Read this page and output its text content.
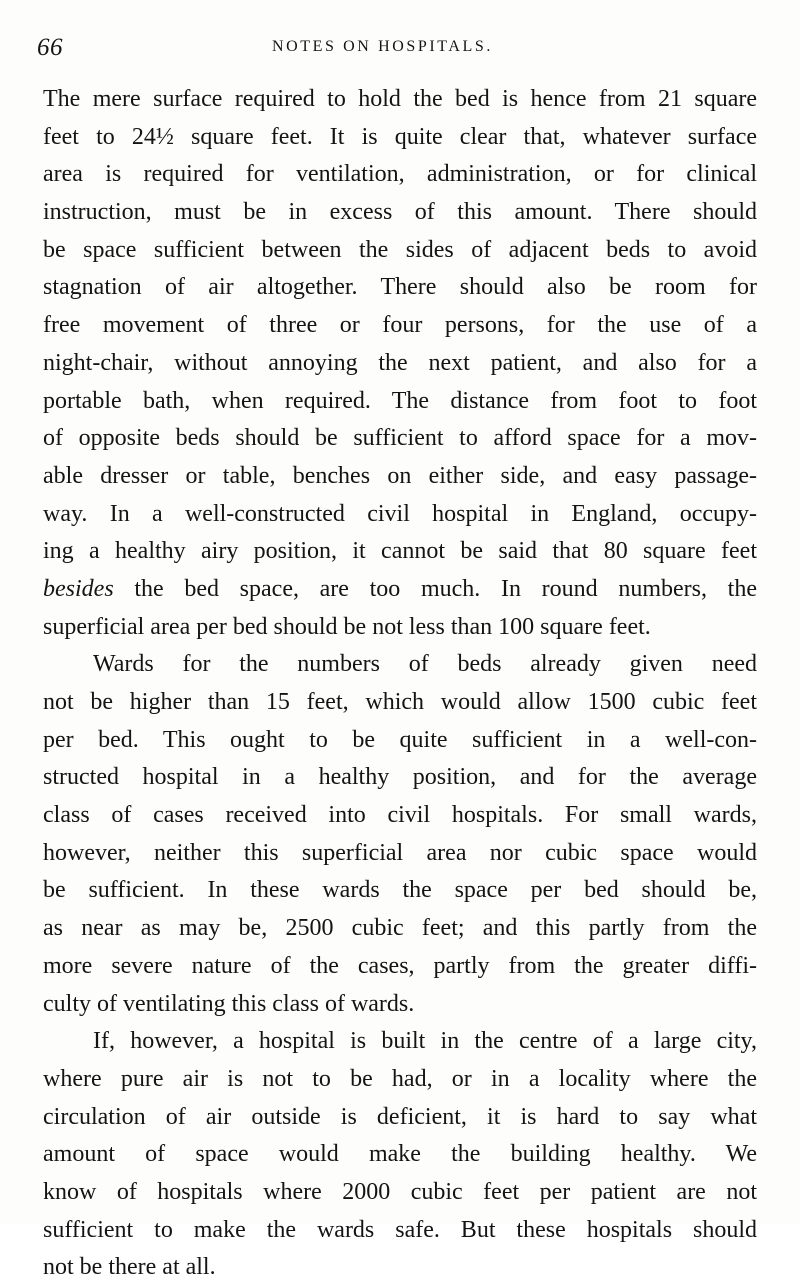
66	NOTES ON HOSPITALS.
The mere surface required to hold the bed is hence from 21 square
feet to 24½ square feet. It is quite clear that, whatever surface
area is required for ventilation, administration, or for clinical
instruction, must be in excess of this amount. There should
be space sufficient between the sides of adjacent beds to avoid
stagnation of air altogether. There should also be room for
free movement of three or four persons, for the use of a
night-chair, without annoying the next patient, and also for a
portable bath, when required. The distance from foot to foot
of opposite beds should be sufficient to afford space for a mov-
able dresser or table, benches on either side, and easy passage-
way. In a well-constructed civil hospital in England, occupy-
ing a healthy airy position, it cannot be said that 80 square feet
besides the bed space, are too much. In round numbers, the
superficial area per bed should be not less than 100 square feet.
Wards for the numbers of beds already given need
not be higher than 15 feet, which would allow 1500 cubic feet
per bed. This ought to be quite sufficient in a well-con-
structed hospital in a healthy position, and for the average
class of cases received into civil hospitals. For small wards,
however, neither this superficial area nor cubic space would
be sufficient. In these wards the space per bed should be,
as near as may be, 2500 cubic feet; and this partly from the
more severe nature of the cases, partly from the greater diffi-
culty of ventilating this class of wards.
If, however, a hospital is built in the centre of a large city,
where pure air is not to be had, or in a locality where the
circulation of air outside is deficient, it is hard to say what
amount of space would make the building healthy. We
know of hospitals where 2000 cubic feet per patient are not
sufficient to make the wards safe. But these hospitals should
not be there at all.
